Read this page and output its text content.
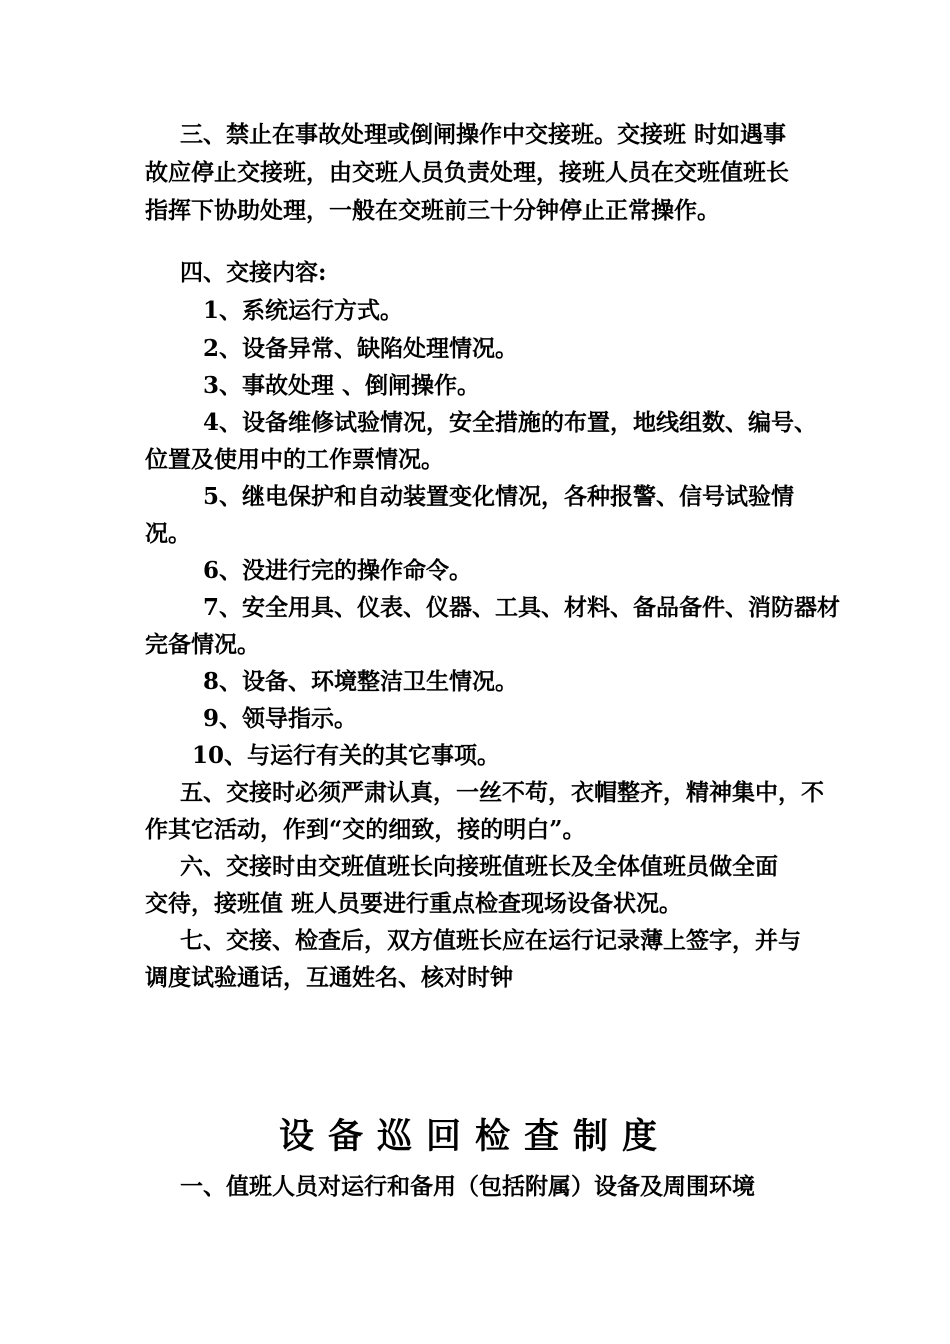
三、禁止在事故处理或倒闸操作中交接班。交接班 时如遇事
故应停止交接班，由交班人员负责处理，接班人员在交班值班长
指挥下协助处理，一般在交班前三十分钟停止正常操作。
四、交接内容:
1、系统运行方式。
2、设备异常、缺陷处理情况。
3、事故处理 、倒闸操作。
4、设备维修试验情况，安全措施的布置，地线组数、编号、
位置及使用中的工作票情况。
5、继电保护和自动装置变化情况，各种报警、信号试验情
况。
6、没进行完的操作命令。
7、安全用具、仪表、仪器、工具、材料、备品备件、消防器材
完备情况。
8、设备、环境整洁卫生情况。
9、领导指示。
10、与运行有关的其它事项。
五、交接时必须严肃认真，一丝不苟，衣帽整齐，精神集中，不
作其它活动，作到“交的细致，接的明白”。
六、交接时由交班值班长向接班值班长及全体值班员做全面
交待，接班值 班人员要进行重点检查现场设备状况。
七、交接、检查后，双方值班长应在运行记录薄上签字，并与
调度试验通话，互通姓名、核对时钟
设备巡回检查制度
一、值班人员对运行和备用（包括附属）设备及周围环境
